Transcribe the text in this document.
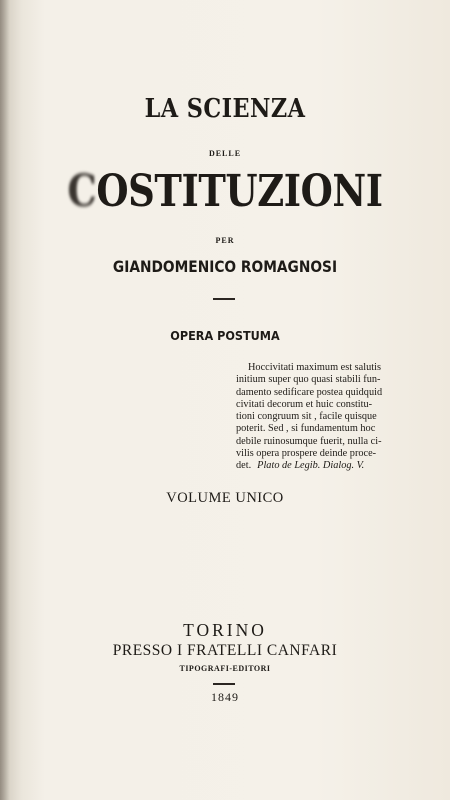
LA SCIENZA
DELLE
COSTITUZIONI
PER
GIANDOMENICO ROMAGNOSI
OPERA POSTUMA
Hoccivitati maximum est salutis
initium super quo quasi stabili fun-
damento sedificare postea quidquid
civitati decorum et huic constitu-
tioni congruum sit , facile quisque
poterit. Sed , si fundamentum hoc
debile ruinosumque fuerit, nulla ci-
vilis opera prospere deinde proce-
det. Plato de Legib. Dialog. V.
VOLUME UNICO
TORINO
PRESSO I FRATELLI CANFARI
TIPOGRAFI-EDITORI
1849
